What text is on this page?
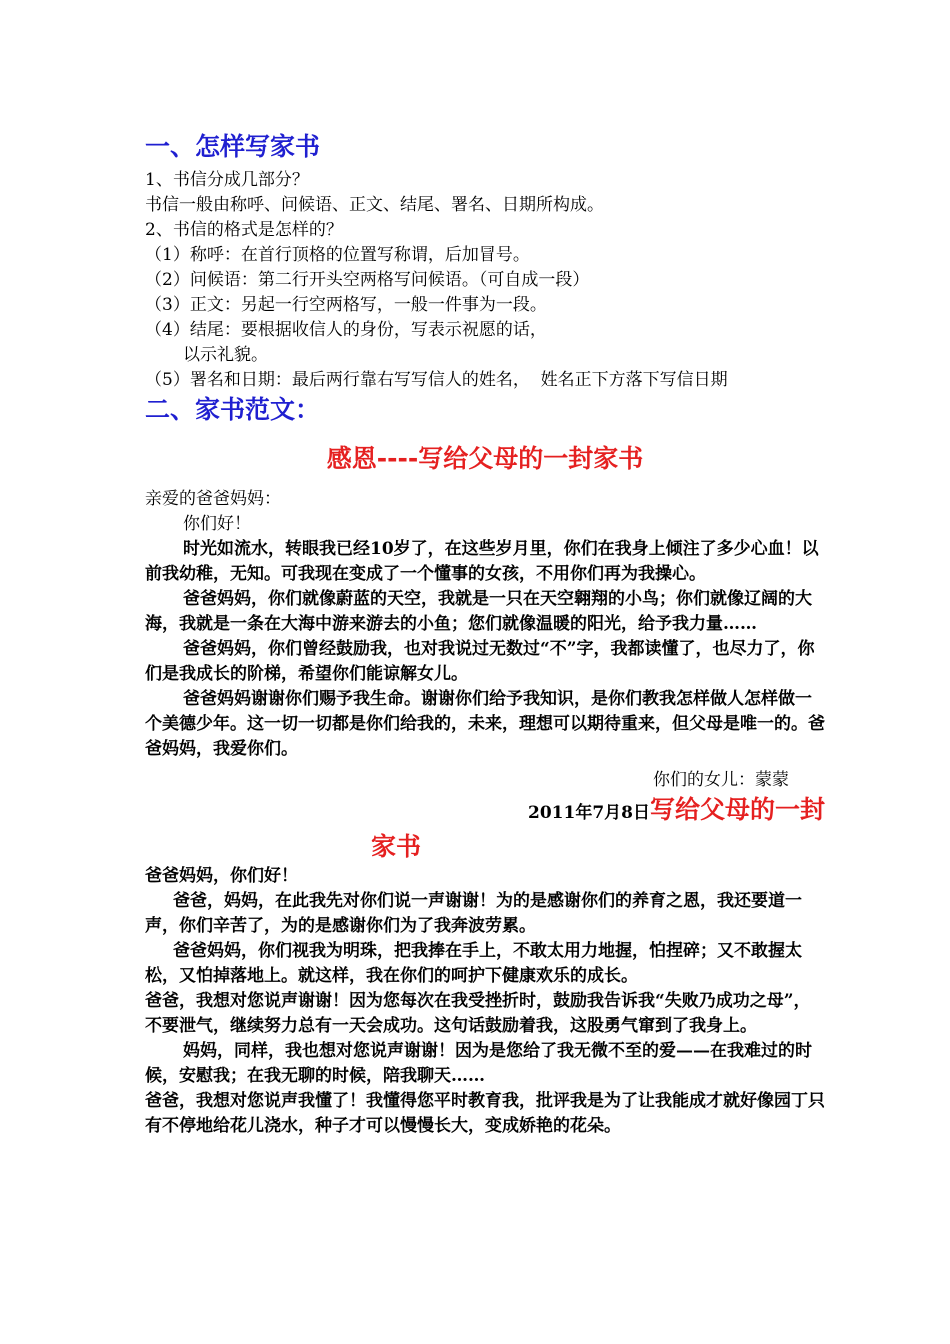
一、怎样写家书

1、书信分成几部分？

书信一般由称呼、问候语、正文、结尾、署名、日期所构成。

2、书信的格式是怎样的？

（1）称呼：在首行顶格的位置写称谓，后加冒号。

（2）问候语：第二行开头空两格写问候语。（可自成一段）

（3）正文：另起一行空两格写，一般一件事为一段。

（4）结尾：要根据收信人的身份，写表示祝愿的话，

以示礼貌。

（5）署名和日期：最后两行靠右写写信人的姓名，  姓名正下方落下写信日期

二、家书范文：
感恩----写给父母的一封家书

亲爱的爸爸妈妈：

你们好！

时光如流水，转眼我已经10岁了，在这些岁月里，你们在我身上倾注了多少心血！以前我幼稚，无知。可我现在变成了一个懂事的女孩，不用你们再为我操心。

爸爸妈妈，你们就像蔚蓝的天空，我就是一只在天空翱翔的小鸟；你们就像辽阔的大海，我就是一条在大海中游来游去的小鱼；您们就像温暖的阳光，给予我力量……

爸爸妈妈，你们曾经鼓励我，也对我说过无数过“不”字，我都读懂了，也尽力了，你们是我成长的阶梯，希望你们能谅解女儿。

爸爸妈妈谢谢你们赐予我生命。谢谢你们给予我知识，是你们教我怎样做人怎样做一个美德少年。这一切一切都是你们给我的，未来，理想可以期待重来，但父母是唯一的。爸爸妈妈，我爱你们。

你们的女儿：蒙蒙
2011年7月8日写给父母的一封
家书

爸爸妈妈，你们好！

爸爸，妈妈，在此我先对你们说一声谢谢！为的是感谢你们的养育之恩，我还要道一声，你们辛苦了，为的是感谢你们为了我奔波劳累。

爸爸妈妈，你们视我为明珠，把我捧在手上，不敢太用力地握，怕捏碎；又不敢握太松，又怕掉落地上。就这样，我在你们的呵护下健康欢乐的成长。

爸爸，我想对您说声谢谢！因为您每次在我受挫折时，鼓励我告诉我“失败乃成功之母”，不要泄气，继续努力总有一天会成功。这句话鼓励着我，这股勇气窜到了我身上。

妈妈，同样，我也想对您说声谢谢！因为是您给了我无微不至的爱——在我难过的时候，安慰我；在我无聊的时候，陪我聊天……

爸爸，我想对您说声我懂了！我懂得您平时教育我，批评我是为了让我能成才就好像园丁只有不停地给花儿浇水，种子才可以慢慢长大，变成娇艳的花朵。
